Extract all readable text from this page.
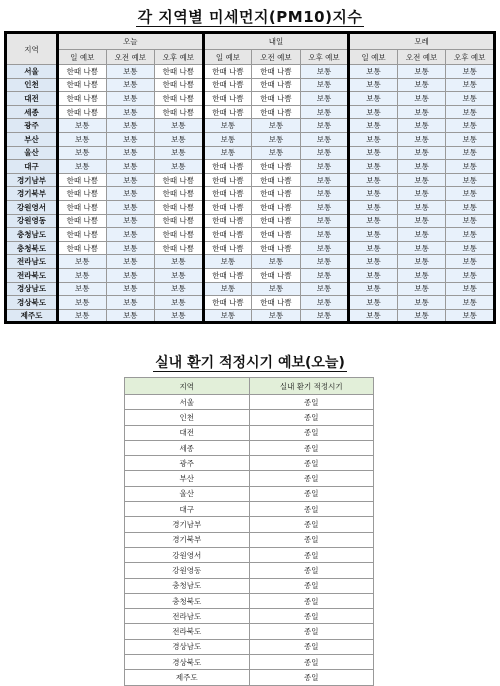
각 지역별 미세먼지(PM10)지수
지역	오늘			내일			모레		
	일 예보	오전 예보	오후 예보	일 예보	오전 예보	오후 예보	일 예보	오전 예보	오후 예보
서울	한때 나쁨	보통	한때 나쁨	한때 나쁨	한때 나쁨	보통	보통	보통	보통
인천	한때 나쁨	보통	한때 나쁨	한때 나쁨	한때 나쁨	보통	보통	보통	보통
대전	한때 나쁨	보통	한때 나쁨	한때 나쁨	한때 나쁨	보통	보통	보통	보통
세종	한때 나쁨	보통	한때 나쁨	한때 나쁨	한때 나쁨	보통	보통	보통	보통
광주	보통	보통	보통	보통	보통	보통	보통	보통	보통
부산	보통	보통	보통	보통	보통	보통	보통	보통	보통
울산	보통	보통	보통	보통	보통	보통	보통	보통	보통
대구	보통	보통	보통	한때 나쁨	한때 나쁨	보통	보통	보통	보통
경기남부	한때 나쁨	보통	한때 나쁨	한때 나쁨	한때 나쁨	보통	보통	보통	보통
경기북부	한때 나쁨	보통	한때 나쁨	한때 나쁨	한때 나쁨	보통	보통	보통	보통
강원영서	한때 나쁨	보통	한때 나쁨	한때 나쁨	한때 나쁨	보통	보통	보통	보통
강원영동	한때 나쁨	보통	한때 나쁨	한때 나쁨	한때 나쁨	보통	보통	보통	보통
충청남도	한때 나쁨	보통	한때 나쁨	한때 나쁨	한때 나쁨	보통	보통	보통	보통
충청북도	한때 나쁨	보통	한때 나쁨	한때 나쁨	한때 나쁨	보통	보통	보통	보통
전라남도	보통	보통	보통	보통	보통	보통	보통	보통	보통
전라북도	보통	보통	보통	한때 나쁨	한때 나쁨	보통	보통	보통	보통
경상남도	보통	보통	보통	보통	보통	보통	보통	보통	보통
경상북도	보통	보통	보통	한때 나쁨	한때 나쁨	보통	보통	보통	보통
제주도	보통	보통	보통	보통	보통	보통	보통	보통	보통
실내 환기 적정시기 예보(오늘)
지역	실내 환기 적정시기
서울	종일
인천	종일
대전	종일
세종	종일
광주	종일
부산	종일
울산	종일
대구	종일
경기남부	종일
경기북부	종일
강원영서	종일
강원영동	종일
충청남도	종일
충청북도	종일
전라남도	종일
전라북도	종일
경상남도	종일
경상북도	종일
제주도	종일
